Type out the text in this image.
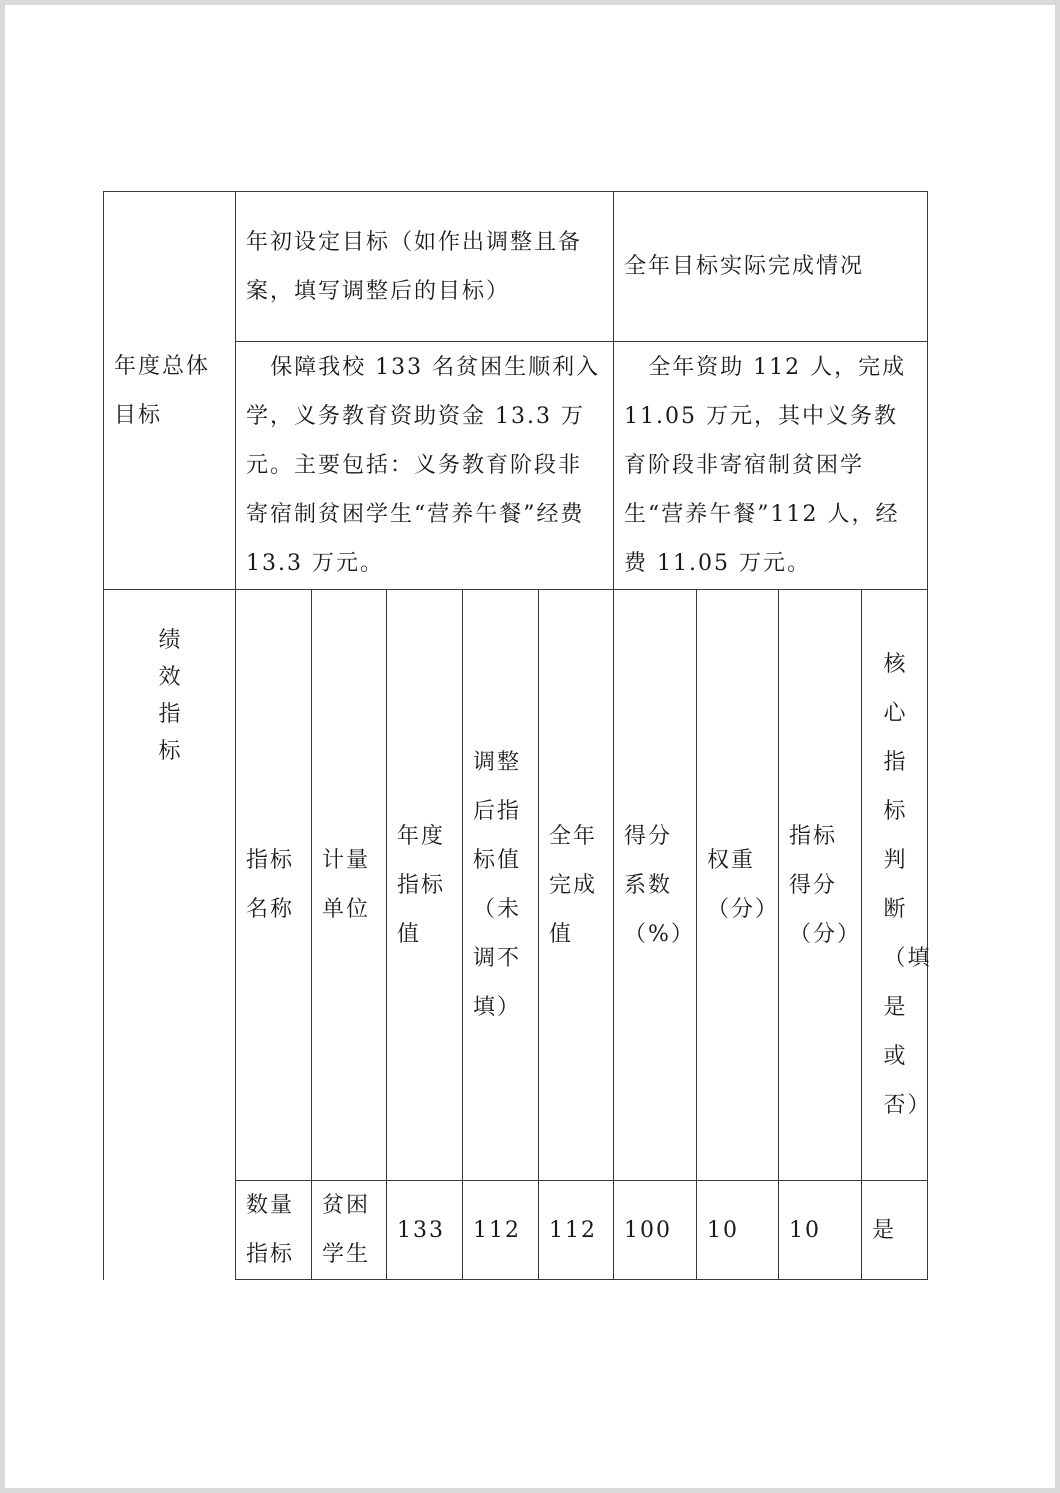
年度总体目标	年初设定目标（如作出调整且备案，填写调整后的目标）					全年目标实际完成情况			

	保障我校 133 名贫困生顺利入学，义务教育资助资金 13.3 万元。主要包括：义务教育阶段非寄宿制贫困学生“营养午餐”经费 13.3 万元。					全年资助 112 人，完成 11.05 万元，其中义务教育阶段非寄宿制贫困学生“营养午餐”112 人，经费 11.05 万元。			

绩效指标	指标名称	计量单位	年度指标值	调整后指标值（未调不填）	全年完成值	得分系数（%）	权重（分）	指标得分（分）	核心指标判断（填是或否）

	数量指标	贫困学生	133	112	112	100	10	10	是
